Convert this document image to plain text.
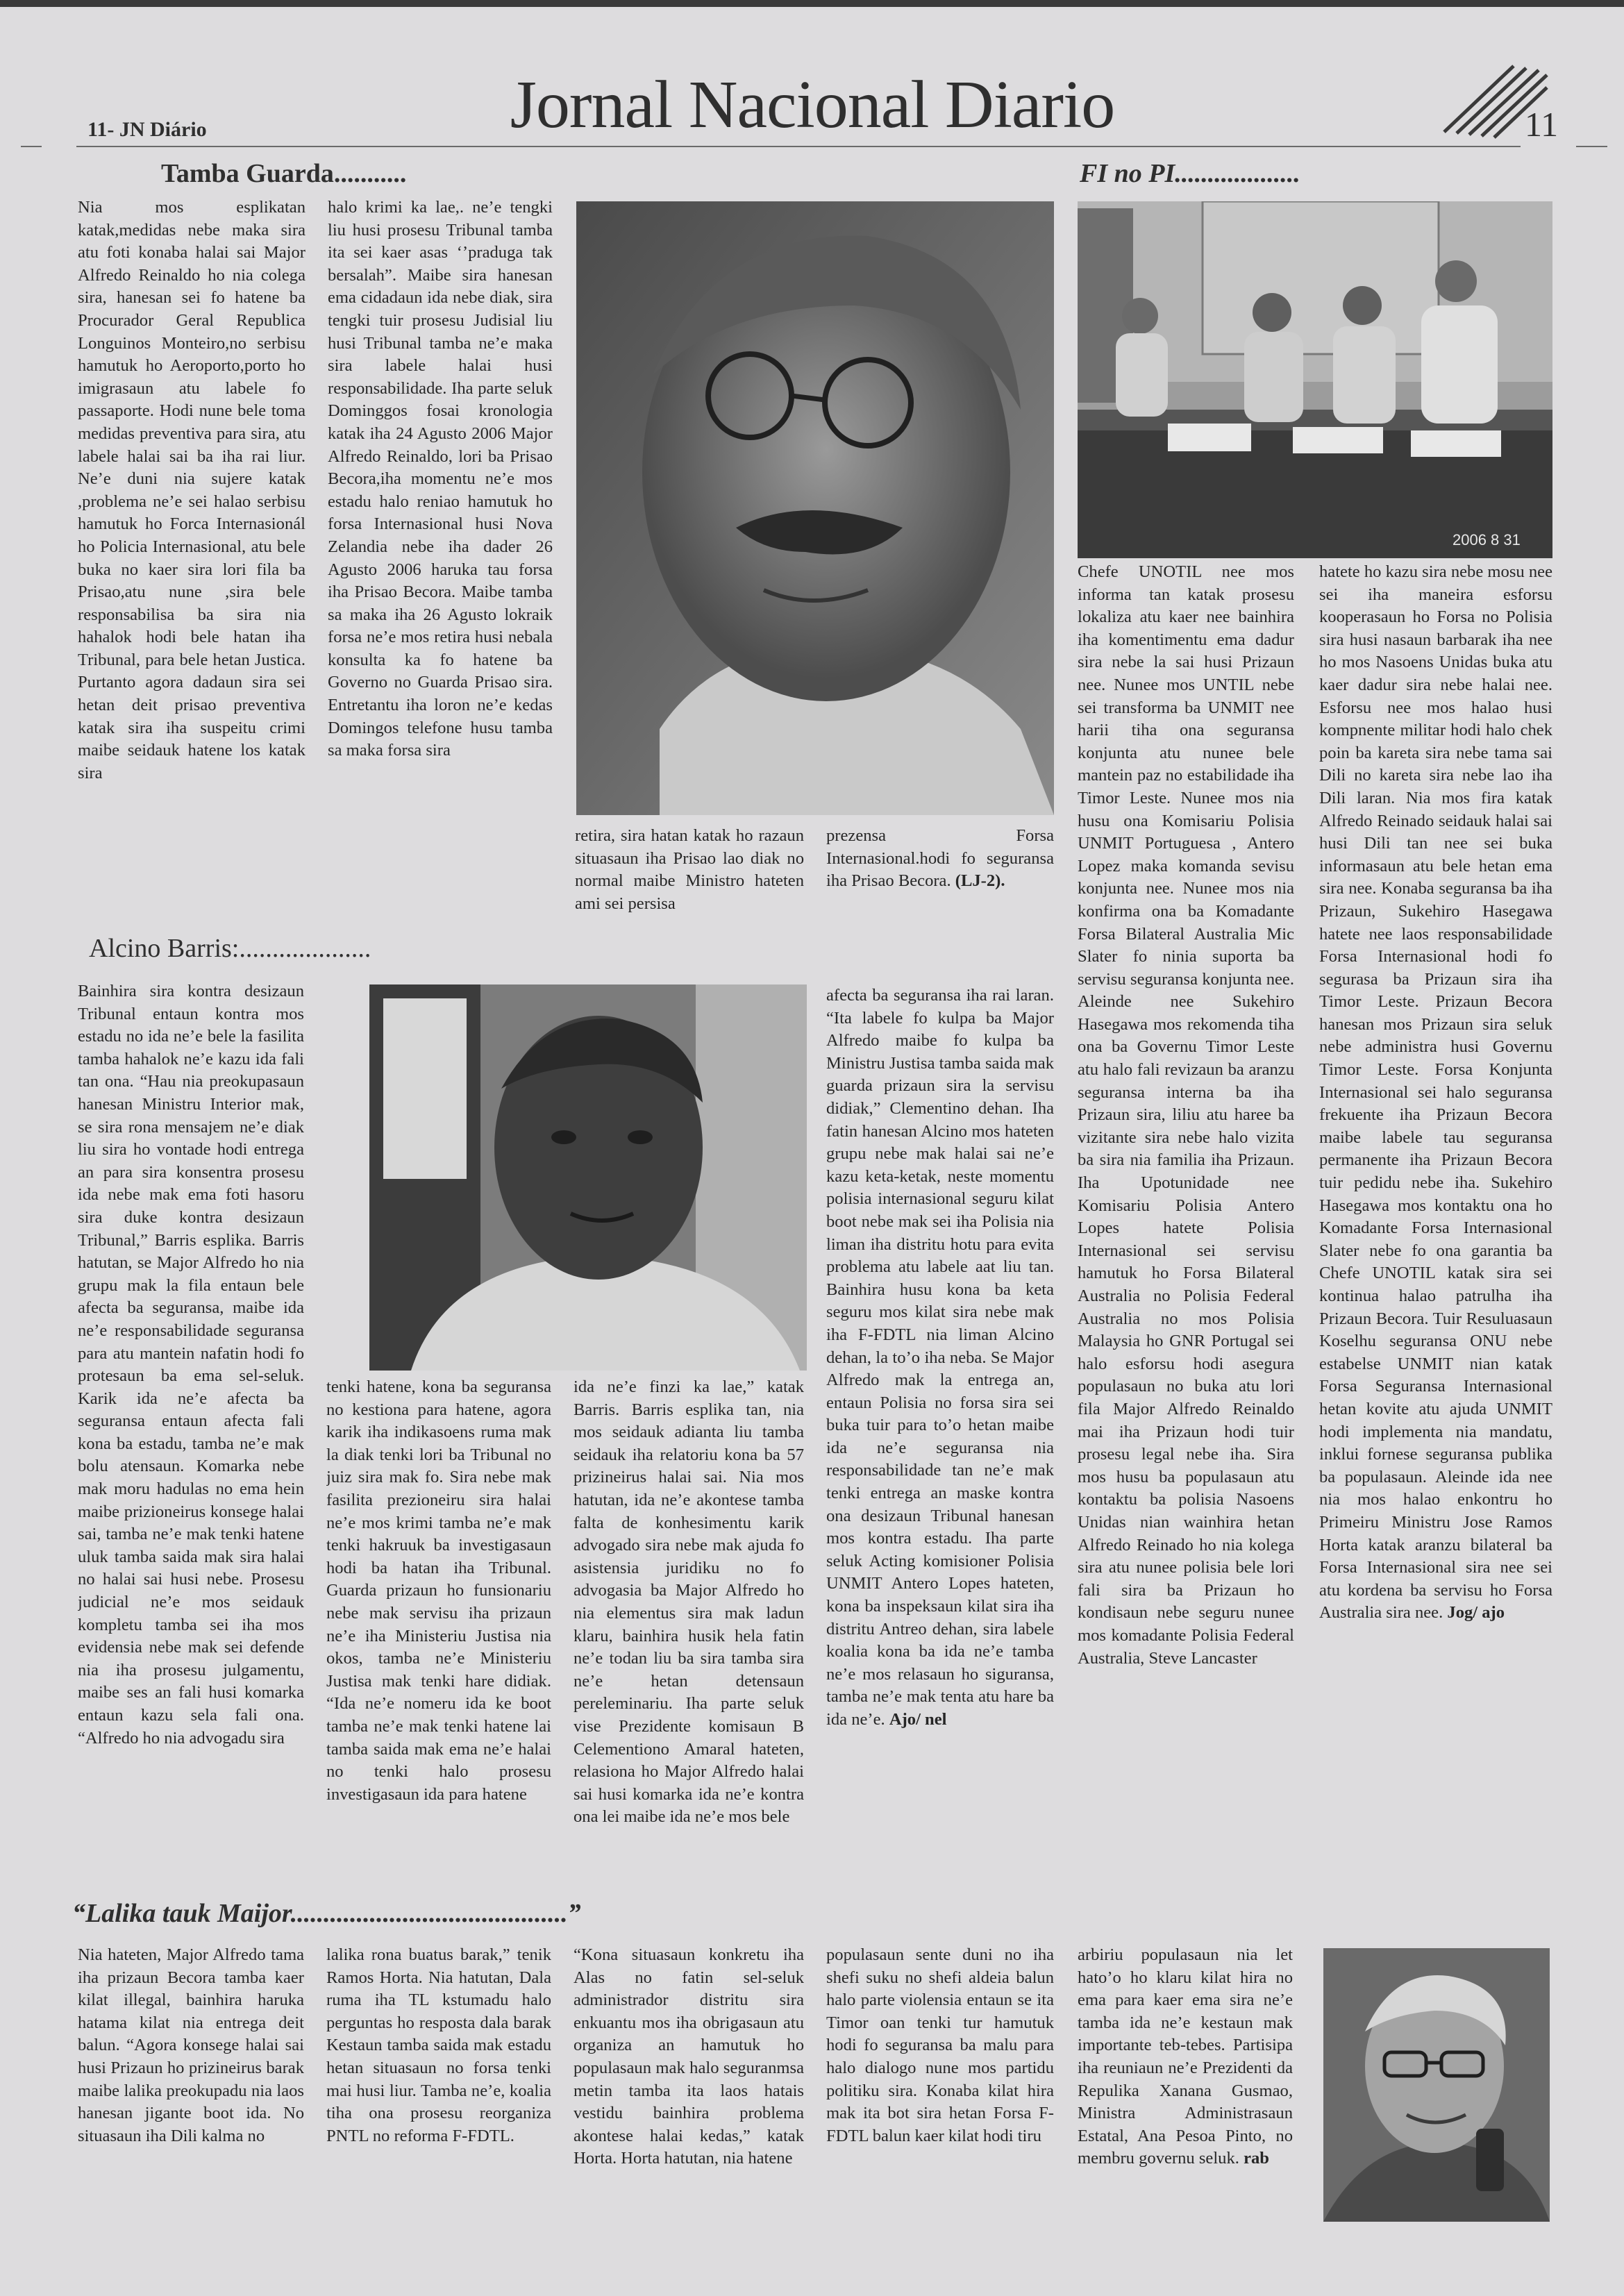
11- JN Diário	Jornal Nacional Diario	11
Tamba Guarda...........	FI no PI...................

Nia mos esplikatan katak,medidas nebe maka sira atu foti konaba halai sai Major Alfredo Reinaldo ho nia colega sira, hanesan sei fo hatene ba Procurador Geral Republica Longuinos Monteiro,no serbisu hamutuk ho Aeroporto,porto ho imigrasaun atu labele fo passaporte. Hodi nune bele toma medidas preventiva para sira, atu labele halai sai ba iha rai liur. Ne’e duni nia sujere katak ,problema ne’e sei halao serbisu hamutuk ho Forca Internasionál ho Policia Internasional, atu bele buka no kaer sira lori fila ba Prisao,atu nune ,sira bele responsabilisa ba sira nia hahalok hodi bele hatan iha Tribunal, para bele hetan Justica. Purtanto agora dadaun sira sei hetan deit prisao preventiva katak sira iha suspeitu crimi maibe seidauk hatene los katak sira

halo krimi ka lae,. ne’e tengki liu husi prosesu Tribunal tamba ita sei kaer asas ‘’praduga tak bersalah”. Maibe sira hanesan ema cidadaun ida nebe diak, sira tengki tuir prosesu Judisial liu husi Tribunal tamba ne’e maka sira labele halai husi responsabilidade. Iha parte seluk Dominggos fosai kronologia katak iha 24 Agusto 2006 Major Alfredo Reinaldo, lori ba Prisao Becora,iha momentu ne’e mos estadu halo reniao hamutuk ho forsa Internasional husi Nova Zelandia nebe iha dader 26 Agusto 2006 haruka tau forsa iha Prisao Becora. Maibe tamba sa maka iha 26 Agusto lokraik forsa ne’e mos retira husi nebala konsulta ka fo hatene ba Governo no Guarda Prisao sira. Entretantu iha loron ne’e kedas Domingos telefone husu tamba sa maka forsa sira

2006 8 31

retira, sira hatan katak ho razaun situasaun iha Prisao lao diak no normal maibe Ministro hateten ami sei persisa

prezensa Forsa Internasional.hodi fo seguransa iha Prisao Becora. (LJ-2).

Chefe UNOTIL nee mos informa tan katak prosesu lokaliza atu kaer nee bainhira iha komentimentu ema dadur sira nebe la sai husi Prizaun nee. Nunee mos UNTIL nebe sei transforma ba UNMIT nee harii tiha ona seguransa konjunta atu nunee bele mantein paz no estabilidade iha Timor Leste. Nunee mos nia husu ona Komisariu Polisia UNMIT Portuguesa , Antero Lopez maka komanda sevisu konjunta nee. Nunee mos nia konfirma ona ba Komadante Forsa Bilateral Australia Mic Slater fo ninia suporta ba servisu seguransa konjunta nee. Aleinde nee Sukehiro Hasegawa mos rekomenda tiha ona ba Governu Timor Leste atu halo fali revizaun ba aranzu seguransa interna ba iha Prizaun sira, liliu atu haree ba vizitante sira nebe halo vizita ba sira nia familia iha Prizaun. Iha Upotunidade nee Komisariu Polisia Antero Lopes hatete Polisia Internasional sei servisu hamutuk ho Forsa Bilateral Australia no Polisia Federal Australia no mos Polisia Malaysia ho GNR Portugal sei halo esforsu hodi asegura populasaun no buka atu lori fila Major Alfredo Reinaldo mai iha Prizaun hodi tuir prosesu legal nebe iha. Sira mos husu ba populasaun atu kontaktu ba polisia Nasoens Unidas nian wainhira hetan Alfredo Reinado ho nia kolega sira atu nunee polisia bele lori fali sira ba Prizaun ho kondisaun nebe seguru nunee mos komadante Polisia Federal Australia, Steve Lancaster

hatete ho kazu sira nebe mosu nee sei iha maneira esforsu kooperasaun ho Forsa no Polisia sira husi nasaun barbarak iha nee ho mos Nasoens Unidas buka atu kaer dadur sira nebe halai nee. Esforsu nee mos halao husi kompnente militar hodi halo chek poin ba kareta sira nebe tama sai Dili no kareta sira nebe lao iha Dili laran. Nia mos fira katak Alfredo Reinado seidauk halai sai husi Dili tan nee sei buka informasaun atu bele hetan ema sira nee. Konaba seguransa ba iha Prizaun, Sukehiro Hasegawa hatete nee laos responsabilidade Forsa Internasional hodi fo segurasa ba Prizaun sira iha Timor Leste. Prizaun Becora hanesan mos Prizaun sira seluk nebe administra husi Governu Timor Leste. Forsa Konjunta Internasional sei halo seguransa frekuente iha Prizaun Becora maibe labele tau seguransa permanente iha Prizaun Becora tuir pedidu nebe iha. Sukehiro Hasegawa mos kontaktu ona ho Komadante Forsa Internasional Slater nebe fo ona garantia ba Chefe UNOTIL katak sira sei kontinua halao patrulha iha Prizaun Becora. Tuir Resuluasaun Koselhu seguransa ONU nebe estabelse UNMIT nian katak Forsa Seguransa Internasional hetan kovite atu ajuda UNMIT hodi implementa nia mandatu, inklui fornese seguransa publika ba populasaun. Aleinde ida nee nia mos halao enkontru ho Primeiru Ministru Jose Ramos Horta katak aranzu bilateral ba Forsa Internasional sira nee sei atu kordena ba servisu ho Forsa Australia sira nee. Jog/ ajo

Alcino Barris:....................

Bainhira sira kontra desizaun Tribunal entaun kontra mos estadu no ida ne’e bele la fasilita tamba hahalok ne’e kazu ida fali tan ona. “Hau nia preokupasaun hanesan Ministru Interior mak, se sira rona mensajem ne’e diak liu sira ho vontade hodi entrega an para sira konsentra prosesu ida nebe mak ema foti hasoru sira duke kontra desizaun Tribunal,” Barris esplika. Barris hatutan, se Major Alfredo ho nia grupu mak la fila entaun bele afecta ba seguransa, maibe ida ne’e responsabilidade seguransa para atu mantein nafatin hodi fo protesaun ba ema sel-seluk. Karik ida ne’e afecta ba seguransa entaun afecta fali kona ba estadu, tamba ne’e mak bolu atensaun. Komarka nebe mak moru hadulas no ema hein maibe prizioneirus konsege halai sai, tamba ne’e mak tenki hatene uluk tamba saida mak sira halai no halai sai husi nebe. Prosesu judicial ne’e mos seidauk kompletu tamba sei iha mos evidensia nebe mak sei defende nia iha prosesu julgamentu, maibe ses an fali husi komarka entaun kazu sela fali ona. “Alfredo ho nia advogadu sira

tenki hatene, kona ba seguransa no kestiona para hatene, agora karik iha indikasoens ruma mak la diak tenki lori ba Tribunal no juiz sira mak fo. Sira nebe mak fasilita prezioneiru sira halai ne’e mos krimi tamba ne’e mak tenki hakruuk ba investigasaun hodi ba hatan iha Tribunal. Guarda prizaun ho funsionariu nebe mak servisu iha prizaun ne’e iha Ministeriu Justisa nia okos, tamba ne’e Ministeriu Justisa mak tenki hare didiak. “Ida ne’e nomeru ida ke boot tamba ne’e mak tenki hatene lai tamba saida mak ema ne’e halai no tenki halo prosesu investigasaun ida para hatene

ida ne’e finzi ka lae,” katak Barris. Barris esplika tan, nia mos seidauk adianta liu tamba seidauk iha relatoriu kona ba 57 prizineirus halai sai. Nia mos hatutan, ida ne’e akontese tamba falta de konhesimentu karik advogado sira nebe mak ajuda fo asistensia juridiku no fo advogasia ba Major Alfredo ho nia elementus sira mak ladun klaru, bainhira husik hela fatin ne’e todan liu ba sira tamba sira ne’e hetan detensaun pereleminariu. Iha parte seluk vise Prezidente komisaun B Celementiono Amaral hateten, relasiona ho Major Alfredo halai sai husi komarka ida ne’e kontra ona lei maibe ida ne’e mos bele

afecta ba seguransa iha rai laran. “Ita labele fo kulpa ba Major Alfredo maibe fo kulpa ba Ministru Justisa tamba saida mak guarda prizaun sira la servisu didiak,” Clementino dehan. Iha fatin hanesan Alcino mos hateten grupu nebe mak halai sai ne’e kazu keta-ketak, neste momentu polisia internasional seguru kilat boot nebe mak sei iha Polisia nia liman iha distritu hotu para evita problema atu labele aat liu tan. Bainhira husu kona ba keta seguru mos kilat sira nebe mak iha F-FDTL nia liman Alcino dehan, la to’o iha neba. Se Major Alfredo mak la entrega an, entaun Polisia no forsa sira sei buka tuir para to’o hetan maibe ida ne’e seguransa nia responsabilidade tan ne’e mak tenki entrega an maske kontra ona desizaun Tribunal hanesan mos kontra estadu. Iha parte seluk Acting komisioner Polisia UNMIT Antero Lopes hateten, kona ba inspeksaun kilat sira iha distritu Antreo dehan, sira labele koalia kona ba ida ne’e tamba ne’e mos relasaun ho siguransa, tamba ne’e mak tenta atu hare ba ida ne’e. Ajo/ nel

“Lalika tauk Maijor..........................................”

Nia hateten, Major Alfredo tama iha prizaun Becora tamba kaer kilat illegal, bainhira haruka hatama kilat nia entrega deit balun. “Agora konsege halai sai husi Prizaun ho prizineirus barak maibe lalika preokupadu nia laos hanesan jigante boot ida. No situasaun iha Dili kalma no

lalika rona buatus barak,” tenik Ramos Horta. Nia hatutan, Dala ruma iha TL kstumadu halo perguntas ho resposta dala barak Kestaun tamba saida mak estadu hetan situasaun no forsa tenki mai husi liur. Tamba ne’e, koalia tiha ona prosesu reorganiza PNTL no reforma F-FDTL.

“Kona situasaun konkretu iha Alas no fatin sel-seluk administrador distritu sira enkuantu mos iha obrigasaun atu organiza an hamutuk ho populasaun mak halo seguranmsa metin tamba ita laos hatais vestidu bainhira problema akontese halai kedas,” katak Horta. Horta hatutan, nia hatene

populasaun sente duni no iha shefi suku no shefi aldeia balun halo parte violensia entaun se ita Timor oan tenki tur hamutuk hodi fo seguransa ba malu para halo dialogo nune mos partidu politiku sira. Konaba kilat hira mak ita bot sira hetan Forsa F-FDTL balun kaer kilat hodi tiru

arbiriu populasaun nia let hato’o ho klaru kilat hira no ema para kaer ema sira ne’e tamba ida ne’e kestaun mak importante teb-tebes. Partisipa iha reuniaun ne’e Prezidenti da Repulika Xanana Gusmao, Ministra Administrasaun Estatal, Ana Pesoa Pinto, no membru governu seluk. rab
